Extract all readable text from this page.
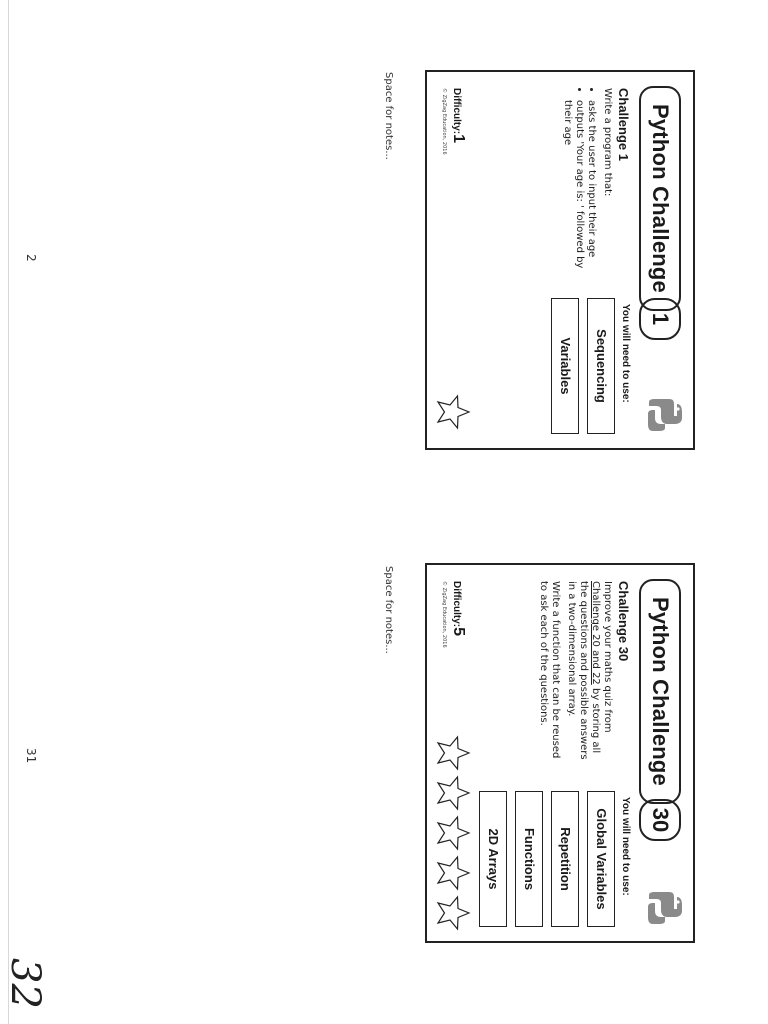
Python Challenge
1
Challenge 1

Write a program that:

• asks the user to input their age
• outputs 'Your age is: ' followed by their age
You will need to use:
Sequencing
Variables
Difficulty:1
© ZigZag Education, 2016
Python Challenge
30
Challenge 30

Improve your maths quiz from Challenge 20 and 22 by storing all the questions and possible answers in a two-dimensional array.

Write a function that can be reused to ask each of the questions.

You will need to use:
Global Variables
Repetition
Functions
2D Arrays
Difficulty:5
© ZigZag Education, 2016
Space for notes...
Space for notes...
2
31
32
